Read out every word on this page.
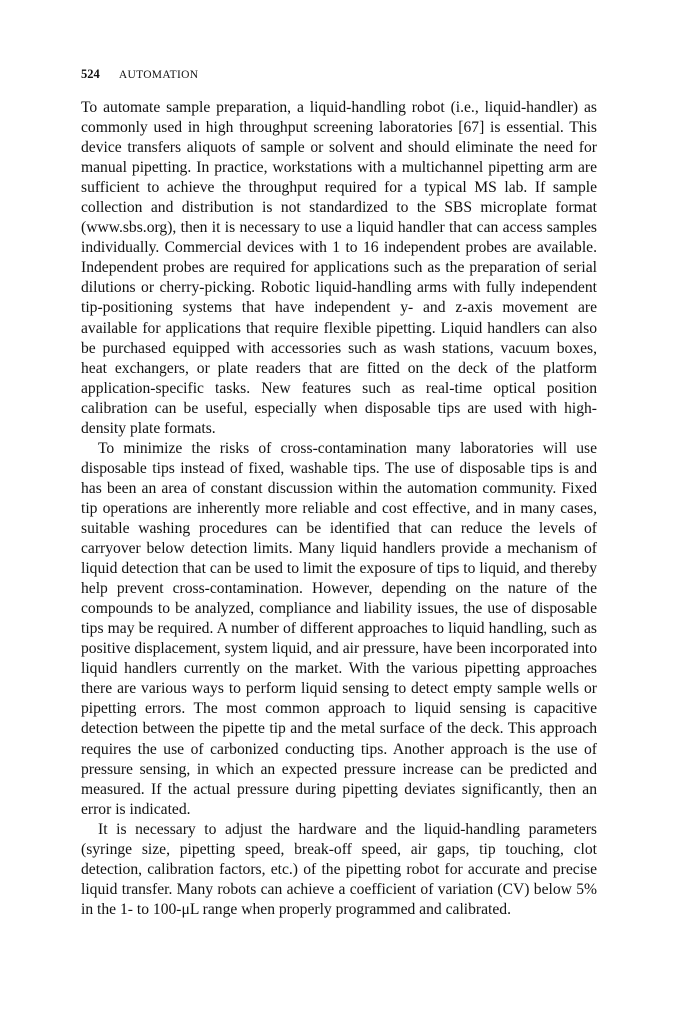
524 AUTOMATION

To automate sample preparation, a liquid-handling robot (i.e., liquid-handler) as commonly used in high throughput screening laboratories [67] is essential. This device transfers aliquots of sample or solvent and should eliminate the need for manual pipetting. In practice, workstations with a multichannel pipetting arm are sufficient to achieve the throughput required for a typical MS lab. If sample collection and distribution is not standardized to the SBS microplate format (www.sbs.org), then it is necessary to use a liquid handler that can access samples individually. Commercial devices with 1 to 16 independent probes are available. Independent probes are required for applications such as the preparation of serial dilutions or cherry-picking. Robotic liquid-handling arms with fully independent tip-positioning systems that have independent y- and z-axis movement are available for applications that require flexible pipetting. Liquid handlers can also be purchased equipped with accessories such as wash stations, vacuum boxes, heat exchangers, or plate readers that are fitted on the deck of the platform application-specific tasks. New features such as real-time optical position calibration can be useful, especially when disposable tips are used with high-density plate formats.

To minimize the risks of cross-contamination many laboratories will use disposable tips instead of fixed, washable tips. The use of disposable tips is and has been an area of constant discussion within the automation community. Fixed tip operations are inherently more reliable and cost effective, and in many cases, suitable washing procedures can be identified that can reduce the levels of carryover below detection limits. Many liquid handlers provide a mechanism of liquid detection that can be used to limit the exposure of tips to liquid, and thereby help prevent cross-contamination. However, depending on the nature of the compounds to be analyzed, compliance and liability issues, the use of disposable tips may be required. A number of different approaches to liquid handling, such as positive displacement, system liquid, and air pressure, have been incorporated into liquid handlers currently on the market. With the various pipetting approaches there are various ways to perform liquid sensing to detect empty sample wells or pipetting errors. The most common approach to liquid sensing is capacitive detection between the pipette tip and the metal surface of the deck. This approach requires the use of carbonized conducting tips. Another approach is the use of pressure sensing, in which an expected pressure increase can be predicted and measured. If the actual pressure during pipetting deviates significantly, then an error is indicated.

It is necessary to adjust the hardware and the liquid-handling parameters (syringe size, pipetting speed, break-off speed, air gaps, tip touching, clot detection, calibration factors, etc.) of the pipetting robot for accurate and precise liquid transfer. Many robots can achieve a coefficient of variation (CV) below 5% in the 1- to 100-μL range when properly programmed and calibrated.
